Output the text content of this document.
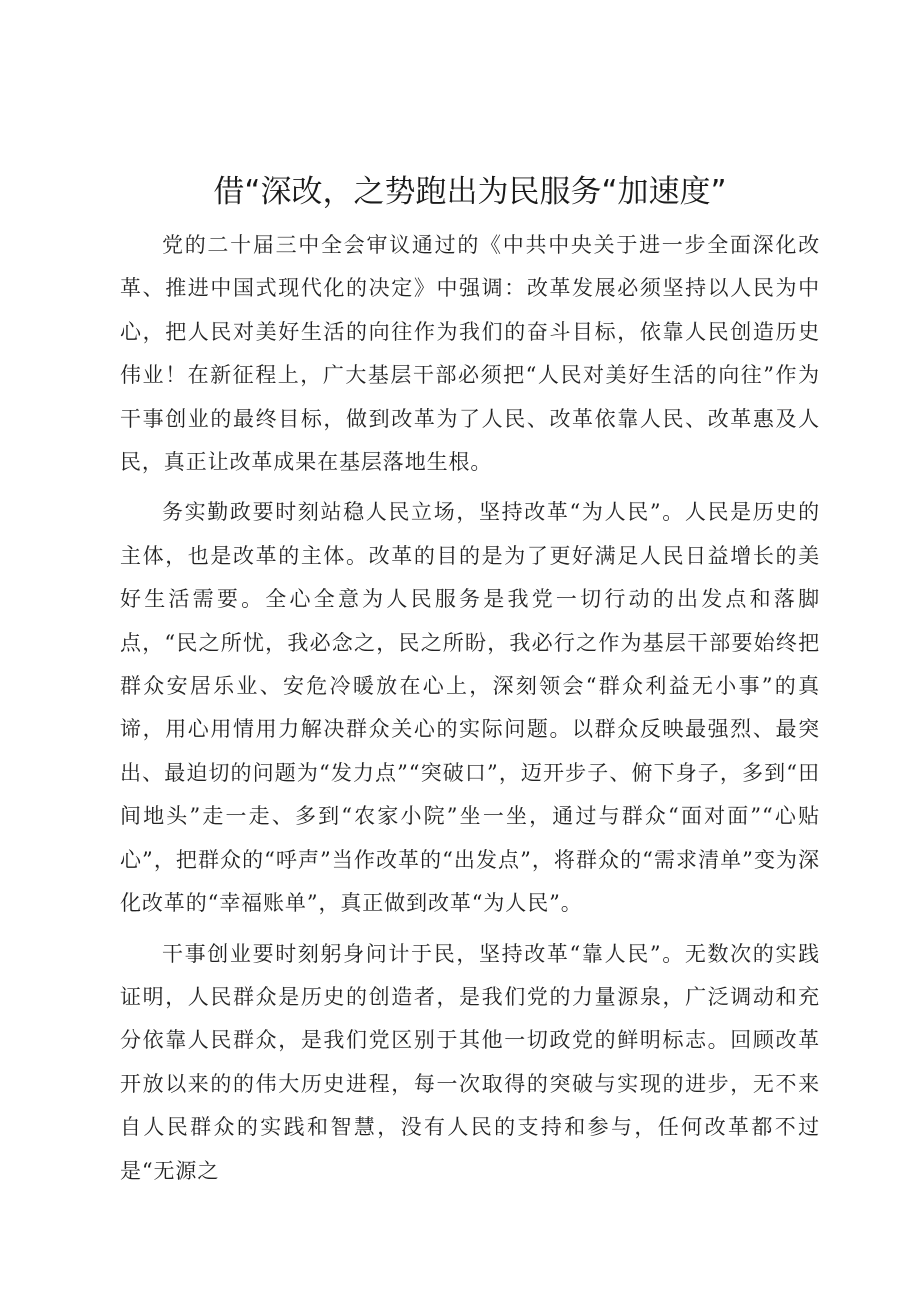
借“深改，之势跑出为民服务“加速度”

党的二十届三中全会审议通过的《中共中央关于进一步全面深化改革、推进中国式现代化的决定》中强调：改革发展必须坚持以人民为中心，把人民对美好生活的向往作为我们的奋斗目标，依靠人民创造历史伟业！在新征程上，广大基层干部必须把“人民对美好生活的向往”作为干事创业的最终目标，做到改革为了人民、改革依靠人民、改革惠及人民，真正让改革成果在基层落地生根。

务实勤政要时刻站稳人民立场，坚持改革“为人民”。人民是历史的主体，也是改革的主体。改革的目的是为了更好满足人民日益增长的美好生活需要。全心全意为人民服务是我党一切行动的出发点和落脚点，“民之所忧，我必念之，民之所盼，我必行之作为基层干部要始终把群众安居乐业、安危冷暖放在心上，深刻领会“群众利益无小事”的真谛，用心用情用力解决群众关心的实际问题。以群众反映最强烈、最突出、最迫切的问题为“发力点”“突破口”，迈开步子、俯下身子，多到“田间地头”走一走、多到“农家小院”坐一坐，通过与群众“面对面”“心贴心”，把群众的“呼声”当作改革的“出发点”，将群众的“需求清单”变为深化改革的“幸福账单”，真正做到改革“为人民”。

干事创业要时刻躬身问计于民，坚持改革“靠人民”。无数次的实践证明，人民群众是历史的创造者，是我们党的力量源泉，广泛调动和充分依靠人民群众，是我们党区别于其他一切政党的鲜明标志。回顾改革开放以来的的伟大历史进程，每一次取得的突破与实现的进步，无不来自人民群众的实践和智慧，没有人民的支持和参与，任何改革都不过是“无源之
